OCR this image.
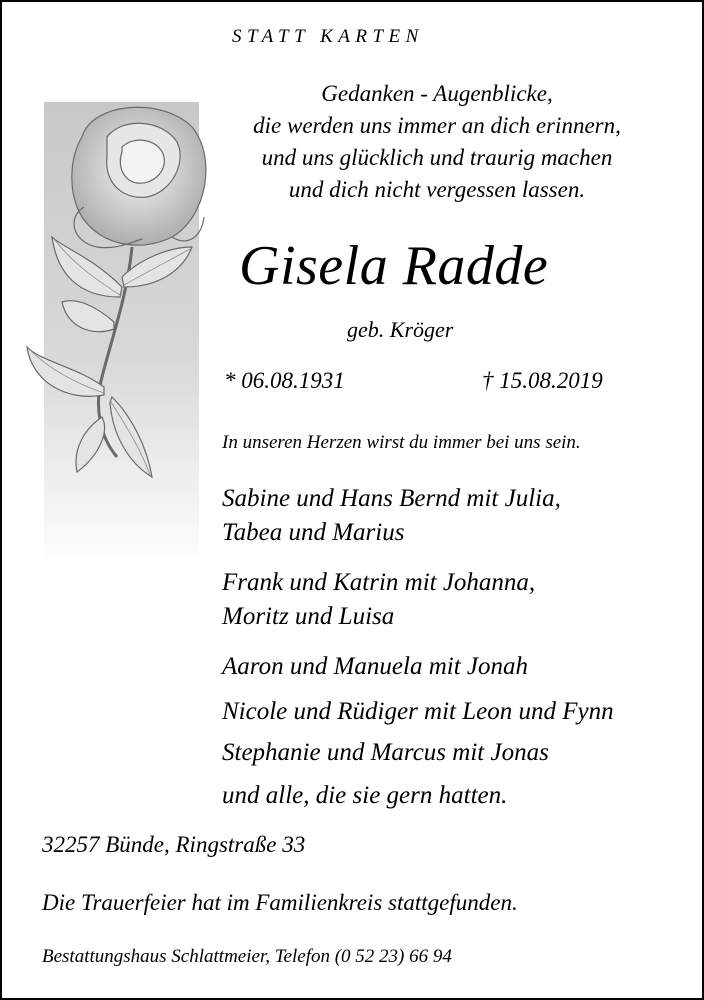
STATT KARTEN
Gedanken - Augenblicke,
die werden uns immer an dich erinnern,
und uns glücklich und traurig machen
und dich nicht vergessen lassen.
Gisela Radde
geb. Kröger
* 06.08.1931	† 15.08.2019
In unseren Herzen wirst du immer bei uns sein.
Sabine und Hans Bernd mit Julia,
Tabea und Marius
Frank und Katrin mit Johanna,
Moritz und Luisa
Aaron und Manuela mit Jonah
Nicole und Rüdiger mit Leon und Fynn
Stephanie und Marcus mit Jonas
und alle, die sie gern hatten.
32257 Bünde, Ringstraße 33
Die Trauerfeier hat im Familienkreis stattgefunden.
Bestattungshaus Schlattmeier, Telefon (0 52 23) 66 94
